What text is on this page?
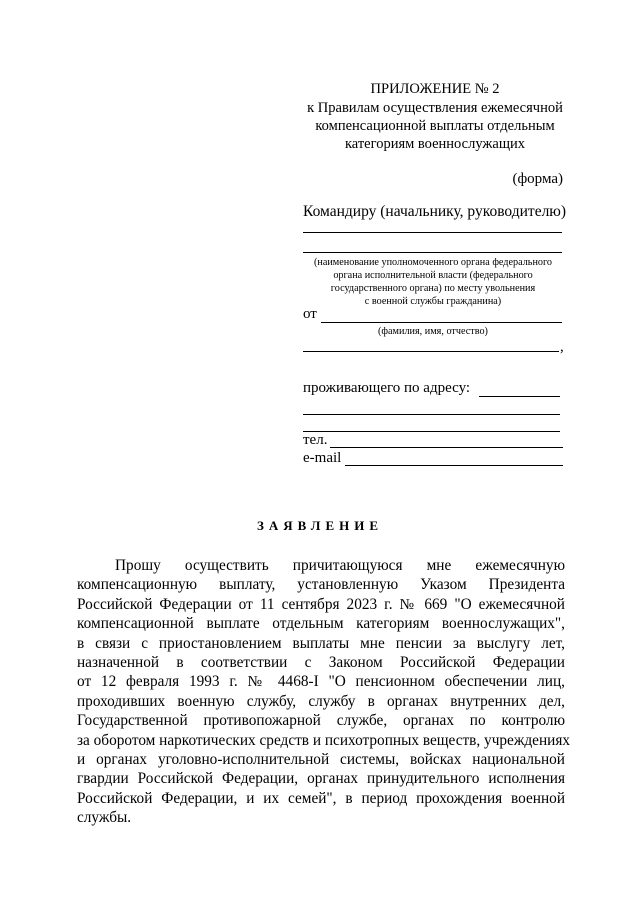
ПРИЛОЖЕНИЕ № 2
к Правилам осуществления ежемесячной
компенсационной выплаты отдельным
категориям военнослужащих
(форма)
Командиру (начальнику, руководителю)
(наименование уполномоченного органа федерального
органа исполнительной власти (федерального
государственного органа) по месту увольнения
с военной службы гражданина)
от
(фамилия, имя, отчество)
,
проживающего по адресу:
тел.
e-mail
ЗАЯВЛЕНИЕ
Прошу осуществить причитающуюся мне ежемесячную
компенсационную выплату, установленную Указом Президента
Российской Федерации от 11 сентября 2023 г. № 669 "О ежемесячной
компенсационной выплате отдельным категориям военнослужащих",
в связи с приостановлением выплаты мне пенсии за выслугу лет,
назначенной в соответствии с Законом Российской Федерации
от 12 февраля 1993 г. № 4468-I "О пенсионном обеспечении лиц,
проходивших военную службу, службу в органах внутренних дел,
Государственной противопожарной службе, органах по контролю
за оборотом наркотических средств и психотропных веществ, учреждениях
и органах уголовно-исполнительной системы, войсках национальной
гвардии Российской Федерации, органах принудительного исполнения
Российской Федерации, и их семей", в период прохождения военной
службы.
